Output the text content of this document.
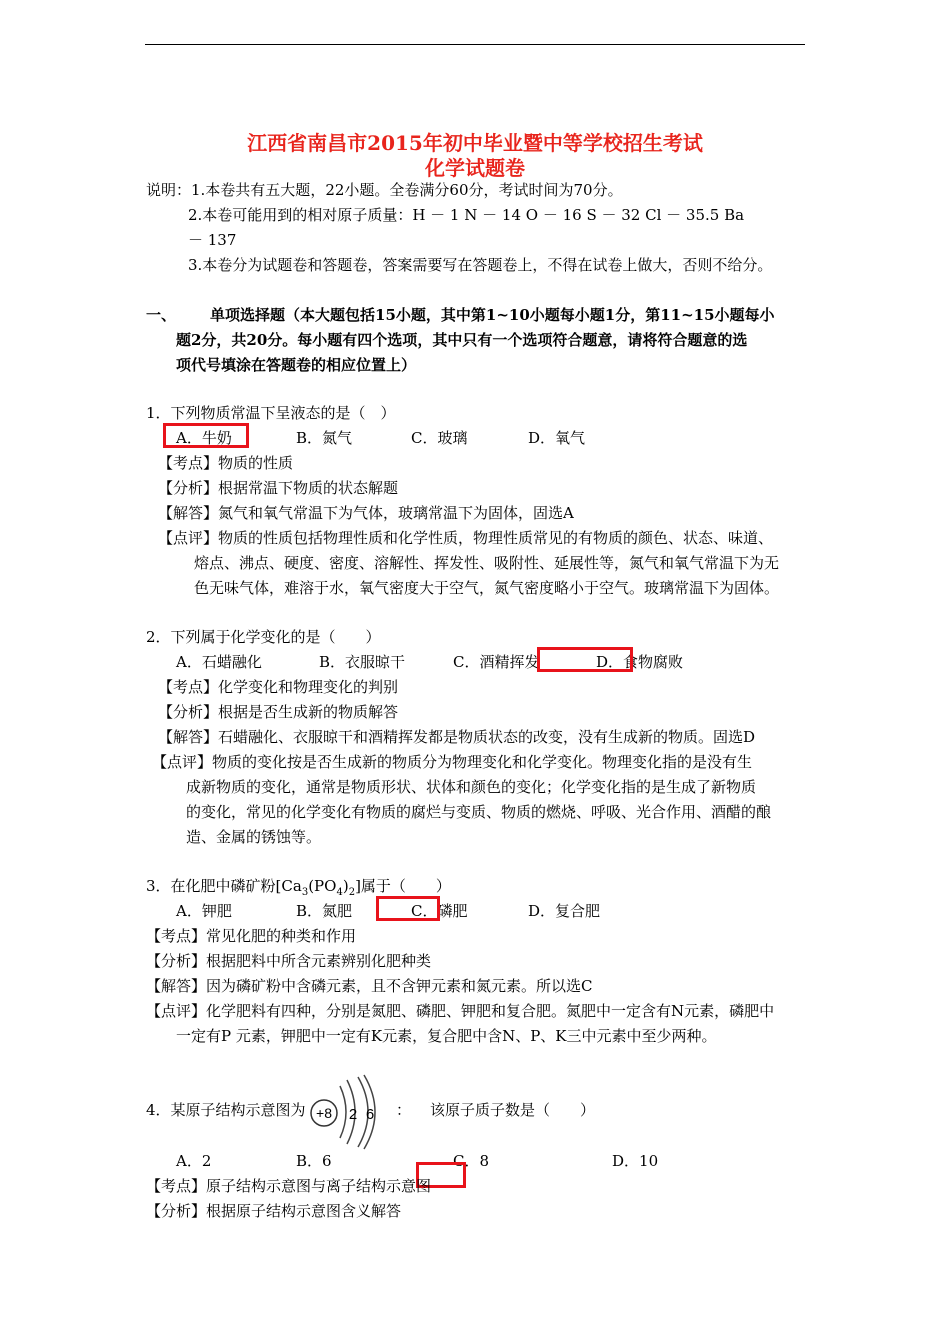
江西省南昌市2015年初中毕业暨中等学校招生考试
化学试题卷
说明：1.本卷共有五大题，22小题。全卷满分60分，考试时间为70分。
2.本卷可能用到的相对原子质量：H － 1 N － 14 O － 16 S － 32 Cl － 35.5 Ba
－ 137
3.本卷分为试题卷和答题卷，答案需要写在答题卷上，不得在试卷上做大，否则不给分。
一、 单项选择题（本大题包括15小题，其中第1~10小题每小题1分，第11~15小题每小
题2分，共20分。每小题有四个选项，其中只有一个选项符合题意，请将符合题意的选
项代号填涂在答题卷的相应位置上）
1．下列物质常温下呈液态的是（　）
A．牛奶	B．氮气	C．玻璃	D．氧气
【考点】物质的性质
【分析】根据常温下物质的状态解题
【解答】氮气和氧气常温下为气体，玻璃常温下为固体，固选A
【点评】物质的性质包括物理性质和化学性质，物理性质常见的有物质的颜色、状态、味道、
熔点、沸点、硬度、密度、溶解性、挥发性、吸附性、延展性等，氮气和氧气常温下为无
色无味气体，难溶于水，氧气密度大于空气，氮气密度略小于空气。玻璃常温下为固体。
2．下列属于化学变化的是（　　）
A．石蜡融化	B．衣服晾干	C．酒精挥发	D．食物腐败
【考点】化学变化和物理变化的判别
【分析】根据是否生成新的物质解答
【解答】石蜡融化、衣服晾干和酒精挥发都是物质状态的改变，没有生成新的物质。固选D
【点评】物质的变化按是否生成新的物质分为物理变化和化学变化。物理变化指的是没有生
成新物质的变化，通常是物质形状、状体和颜色的变化；化学变化指的是生成了新物质
的变化，常见的化学变化有物质的腐烂与变质、物质的燃烧、呼吸、光合作用、酒醋的酿
造、金属的锈蚀等。
3．在化肥中磷矿粉$[Ca_3(PO_4)_2]$属于（　　）
A．钾肥	B．氮肥	C．磷肥	D．复合肥
【考点】常见化肥的种类和作用
【分析】根据肥料中所含元素辨别化肥种类
【解答】因为磷矿粉中含磷元素，且不含钾元素和氮元素。所以选C
【点评】化学肥料有四种，分别是氮肥、磷肥、钾肥和复合肥。氮肥中一定含有N元素，磷肥中
一定有P 元素，钾肥中一定有K元素，复合肥中含N、P、K三中元素中至少两种。
4．某原子结构示意图为	： 该原子质子数是（　　）
+8 2 6
A．2	B．6	C．8	D．10
【考点】原子结构示意图与离子结构示意图
【分析】根据原子结构示意图含义解答
